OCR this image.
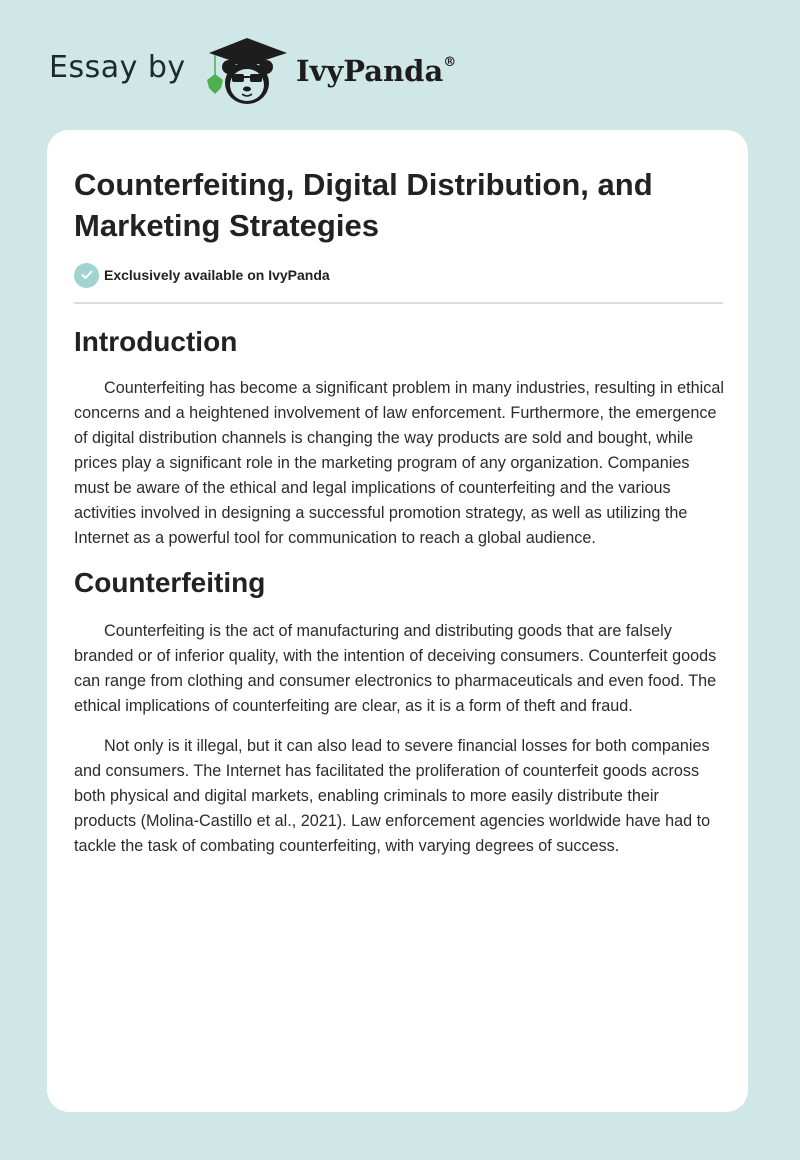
Essay by	IvyPanda®
Counterfeiting, Digital Distribution, and Marketing Strategies
Exclusively available on IvyPanda
Introduction

Counterfeiting has become a significant problem in many industries, resulting in ethical concerns and a heightened involvement of law enforcement. Furthermore, the emergence of digital distribution channels is changing the way products are sold and bought, while prices play a significant role in the marketing program of any organization. Companies must be aware of the ethical and legal implications of counterfeiting and the various activities involved in designing a successful promotion strategy, as well as utilizing the Internet as a powerful tool for communication to reach a global audience.

Counterfeiting

Counterfeiting is the act of manufacturing and distributing goods that are falsely branded or of inferior quality, with the intention of deceiving consumers. Counterfeit goods can range from clothing and consumer electronics to pharmaceuticals and even food. The ethical implications of counterfeiting are clear, as it is a form of theft and fraud.

Not only is it illegal, but it can also lead to severe financial losses for both companies and consumers. The Internet has facilitated the proliferation of counterfeit goods across both physical and digital markets, enabling criminals to more easily distribute their products (Molina-Castillo et al., 2021). Law enforcement agencies worldwide have had to tackle the task of combating counterfeiting, with varying degrees of success.
